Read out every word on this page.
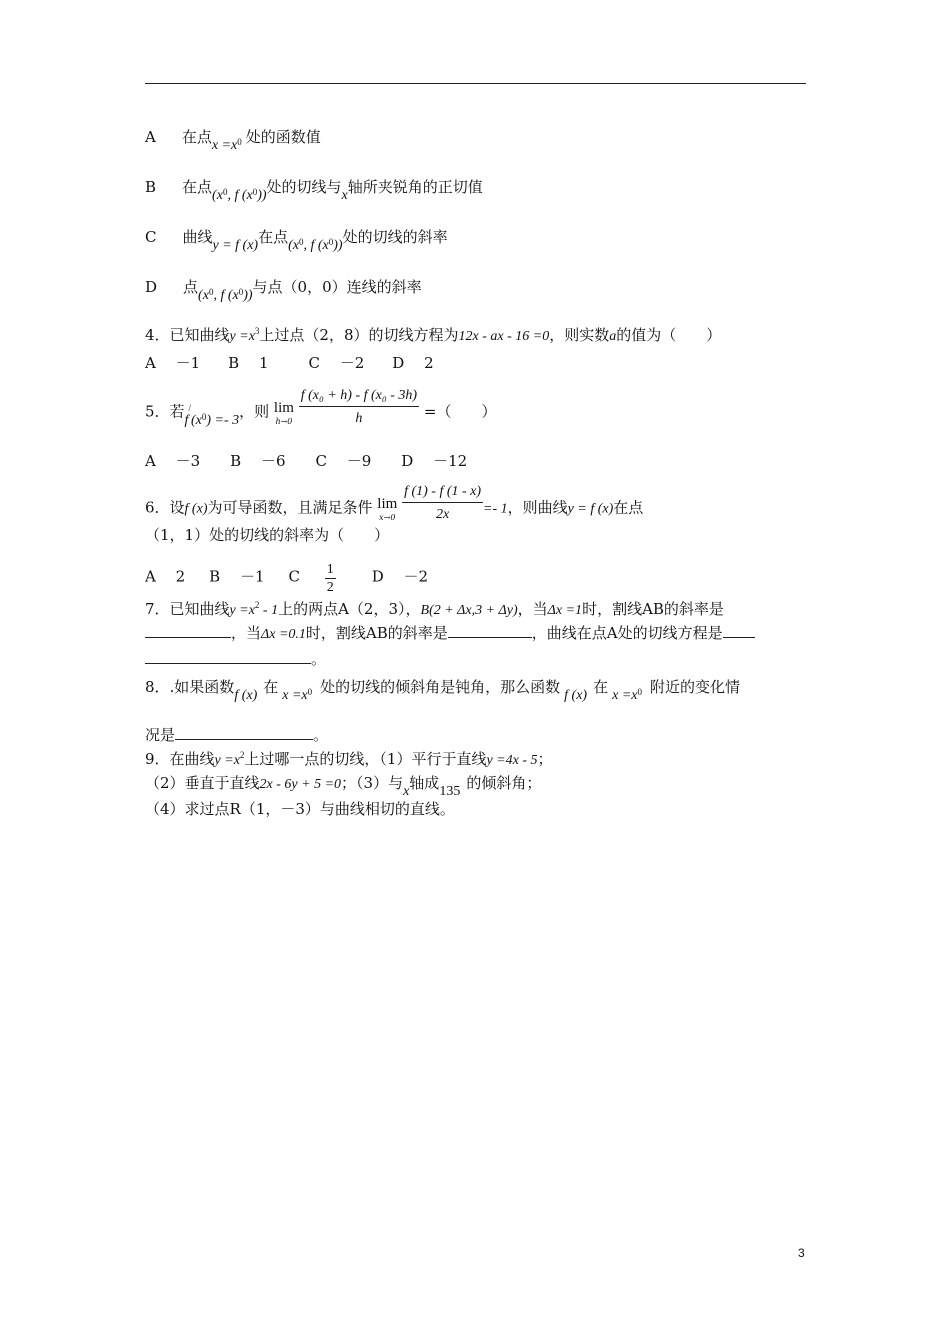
A 在点$x =x_0$ 处的函数值
B 在点($x_0$, f $(x_0)$)处的切线与x轴所夹锐角的正切值
C 曲线y = f (x)在点($x_0$, f $(x_0)$)处的切线的斜率
D 点($x_0$, f $(x_0)$)与点（0，0）连线的斜率
4．已知曲线$y =x^3$上过点（2，8）的切线方程为12x - ax - 16 =0，则实数a的值为（　　）
A　 －1 B　 1	C　 －2 D　 2
5．若$f^/(x_0) =- 3$，则 lim
h→0
$\frac{\text{f (x₀ + h) - f (x₀ - 3h)}}{h}$ =（　　）
A　 －3 B　 －6 C　 －9 D　 －12
6．设f (x)为可导函数，且满足条件 lim
x→0
$\frac{f (1) - f (1 - x)}{2x} =- 1$，则曲线y = f (x)在点
（1，1）处的切线的斜率为（　　）
A　 2 B　 －1 C $\frac{1}{2}$ D　 －2
7．已知曲线$y =x^2 - 1$上的两点A（2，3），B(2 + Δx,3 + Δy)，当Δx =1时，割线AB的斜率是
，当Δx =0.1时，割线AB的斜率是	，曲线在点A处的切线方程是
。
8．.如果函数f (x) 在 $x =x_0$ 处的切线的倾斜角是钝角，那么函数 f (x) 在 $x =x_0$ 附近的变化情
况是	。
9．在曲线$y =x^2$上过哪一点的切线，（1）平行于直线y =4x - 5；
（2）垂直于直线2x - 6y + 5 =0；（3）与x轴成135 的倾斜角；
（4）求过点R（1，－3）与曲线相切的直线。
3
